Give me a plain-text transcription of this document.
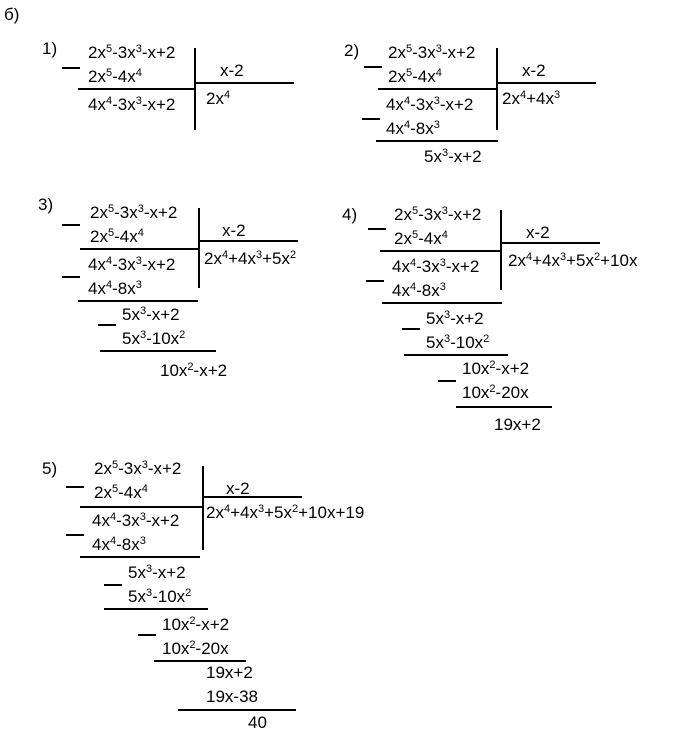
б)
1) $2x^5-3x^3-x+2$
$2x^5-4x^4$
$4x^4-3x^3-x+2$
x-2
$2x^4$
2) $2x^5-3x^3-x+2$
$2x^5-4x^4$
$4x^4-3x^3-x+2$
$4x^4-8x^3$
$5x^3-x+2$
x-2
$2x^4+4x^3$
3) $2x^5-3x^3-x+2$
$2x^5-4x^4$
$4x^4-3x^3-x+2$
$4x^4-8x^3$
$5x^3-x+2$
$5x^3-10x^2$
$10x^2-x+2$
x-2
$2x^4+4x^3+5x^2$
4) $2x^5-3x^3-x+2$
$2x^5-4x^4$
$4x^4-3x^3-x+2$
$4x^4-8x^3$
$5x^3-x+2$
$5x^3-10x^2$
$10x^2-x+2$
$10x^2-20x$
19x+2
x-2
$2x^4+4x^3+5x^2+10x$
5) $2x^5-3x^3-x+2$
$2x^5-4x^4$
$4x^4-3x^3-x+2$
$4x^4-8x^3$
$5x^3-x+2$
$5x^3-10x^2$
$10x^2-x+2$
$10x^2-20x$
19x+2
19x-38
40
x-2
$2x^4+4x^3+5x^2+10x+19$
